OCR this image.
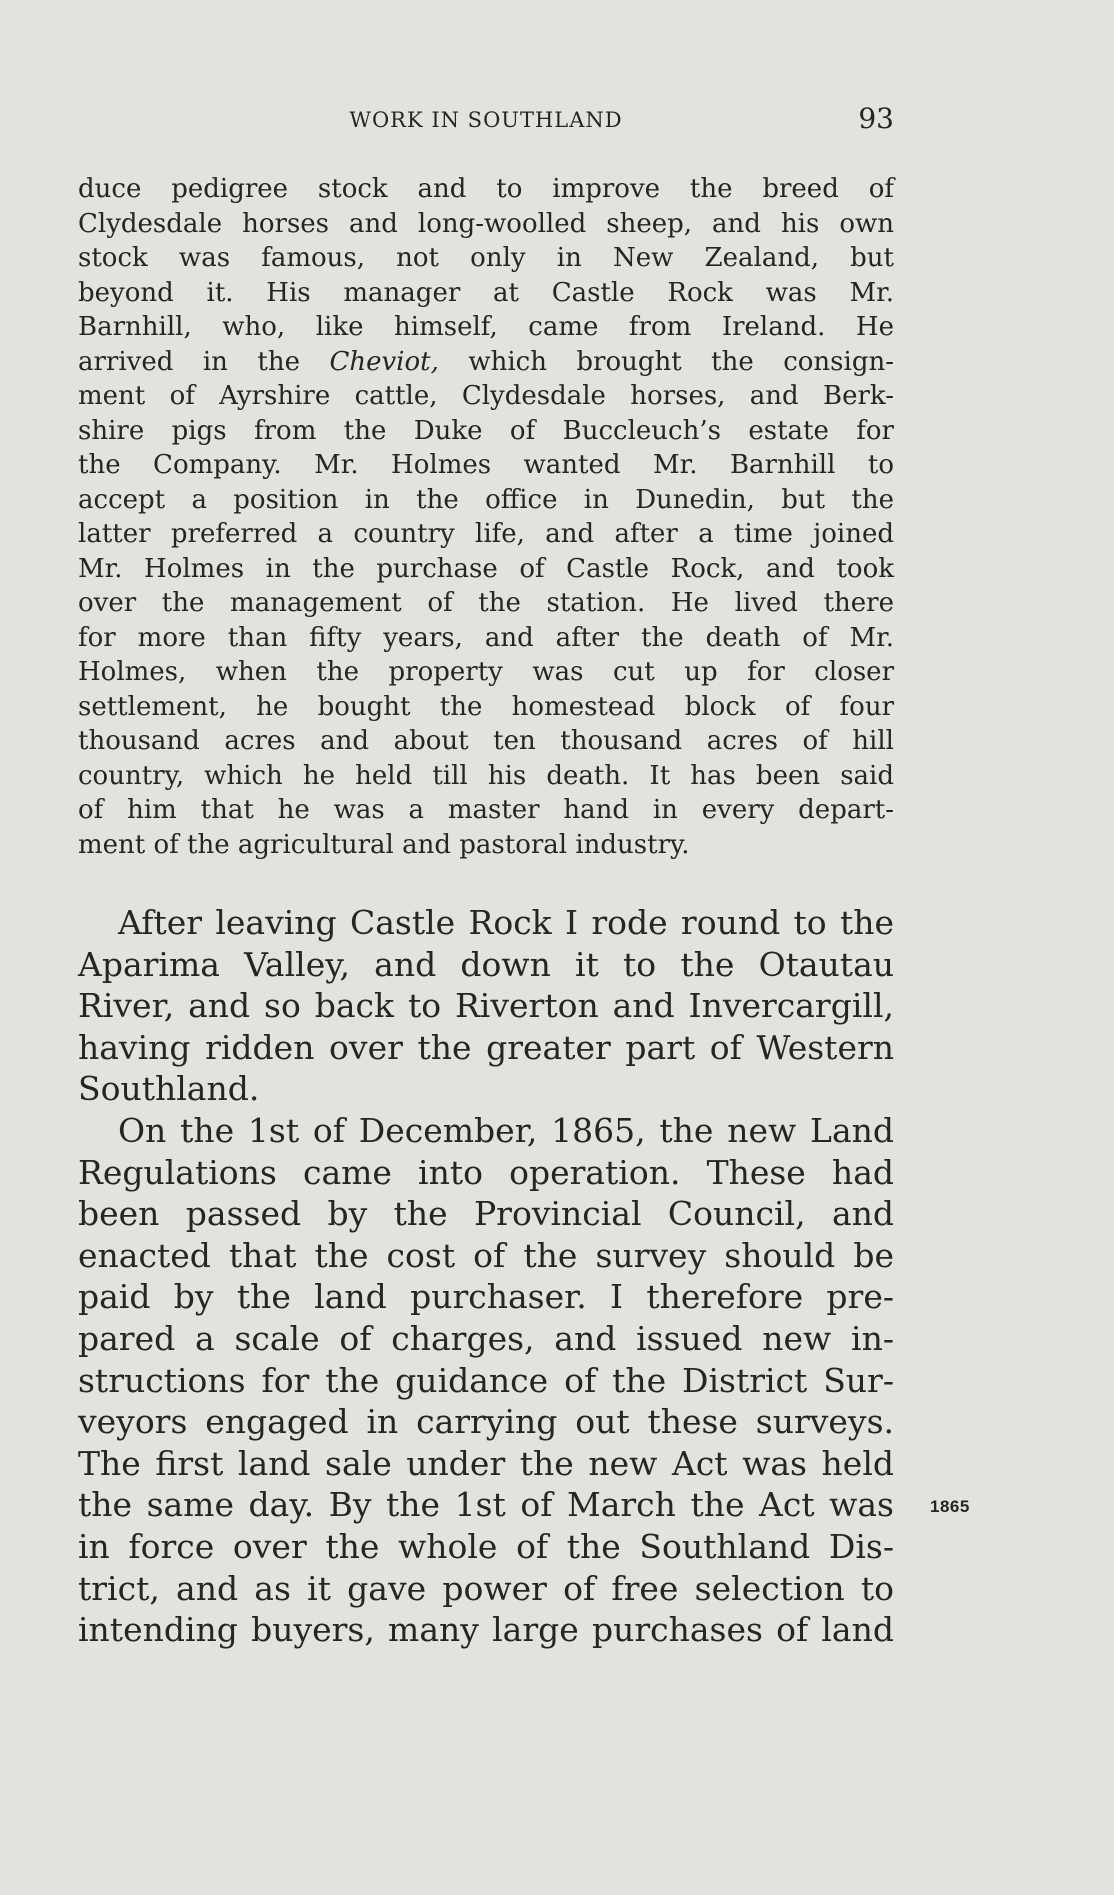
WORK IN SOUTHLAND	93
duce pedigree stock and to improve the breed of
Clydesdale horses and long-woolled sheep, and his own
stock was famous, not only in New Zealand, but
beyond it. His manager at Castle Rock was Mr.
Barnhill, who, like himself, came from Ireland. He
arrived in the Cheviot, which brought the consign-
ment of Ayrshire cattle, Clydesdale horses, and Berk-
shire pigs from the Duke of Buccleuch’s estate for
the Company. Mr. Holmes wanted Mr. Barnhill to
accept a position in the office in Dunedin, but the
latter preferred a country life, and after a time joined
Mr. Holmes in the purchase of Castle Rock, and took
over the management of the station. He lived there
for more than fifty years, and after the death of Mr.
Holmes, when the property was cut up for closer
settlement, he bought the homestead block of four
thousand acres and about ten thousand acres of hill
country, which he held till his death. It has been said
of him that he was a master hand in every depart-
ment of the agricultural and pastoral industry.
After leaving Castle Rock I rode round to the
Aparima Valley, and down it to the Otautau
River, and so back to Riverton and Invercargill,
having ridden over the greater part of Western
Southland.
On the 1st of December, 1865, the new Land
Regulations came into operation. These had
been passed by the Provincial Council, and
enacted that the cost of the survey should be
paid by the land purchaser. I therefore pre-
pared a scale of charges, and issued new in-
structions for the guidance of the District Sur-
veyors engaged in carrying out these surveys.
The first land sale under the new Act was held
the same day. By the 1st of March the Act was
in force over the whole of the Southland Dis-
trict, and as it gave power of free selection to
intending buyers, many large purchases of land
1865
